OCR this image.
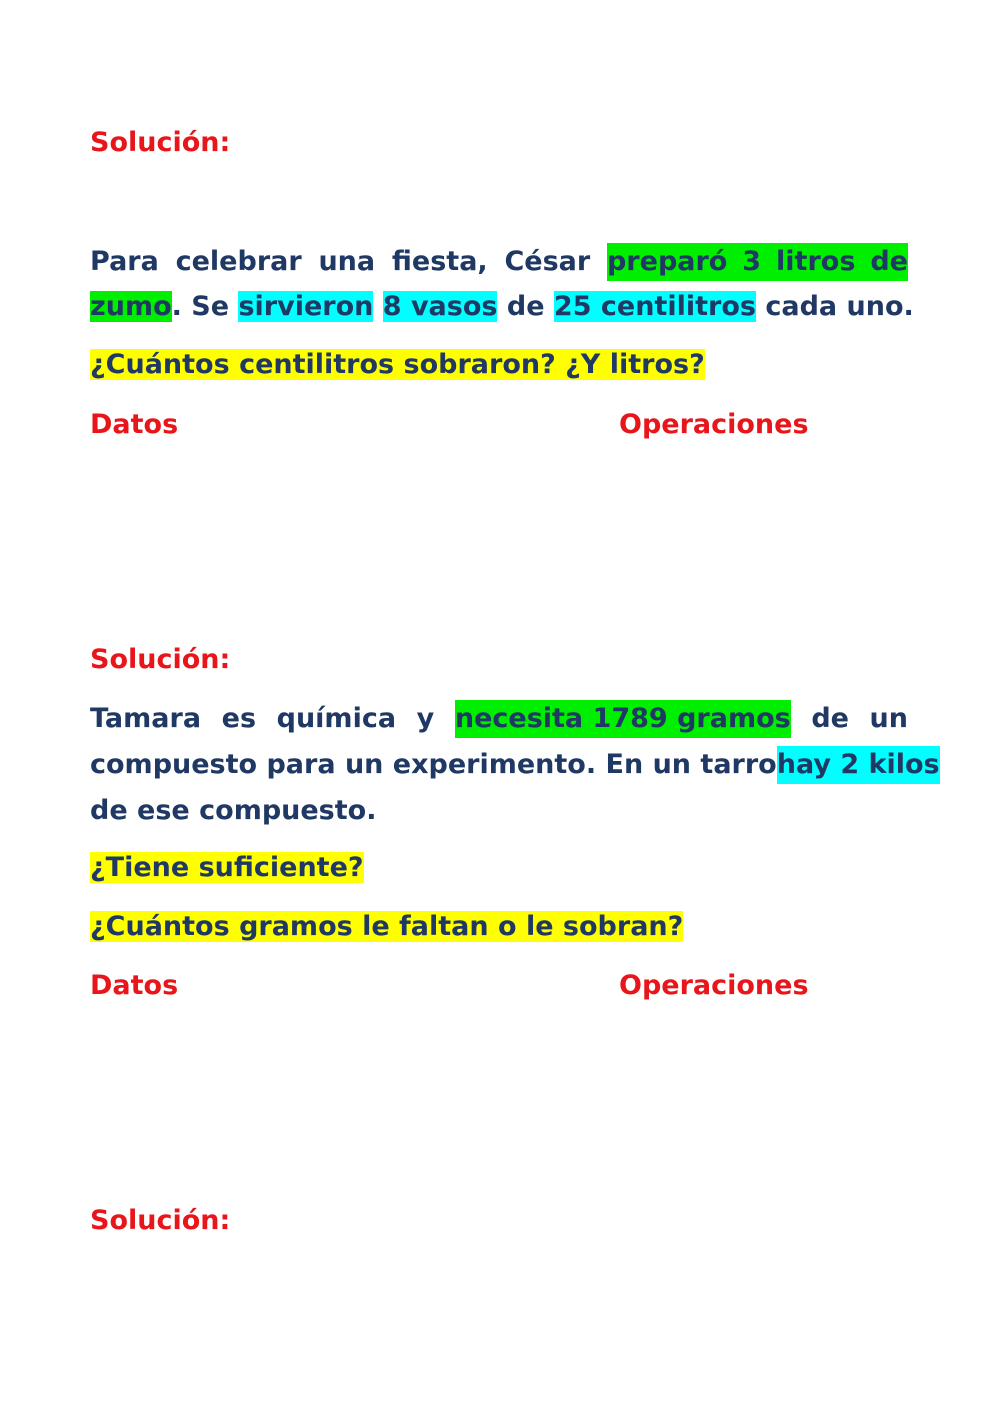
Solución:
Para celebrar una fiesta, César preparó 3 litros de
zumo. Se sirvieron 8 vasos de 25 centilitros cada uno.
¿Cuántos centilitros sobraron? ¿Y litros?
Datos	Operaciones
Solución:
Tamara es química y necesita 1789 gramos de un
compuesto para un experimento. En un tarro hay 2 kilos
de ese compuesto.
¿Tiene suficiente?
¿Cuántos gramos le faltan o le sobran?
Datos	Operaciones
Solución:
